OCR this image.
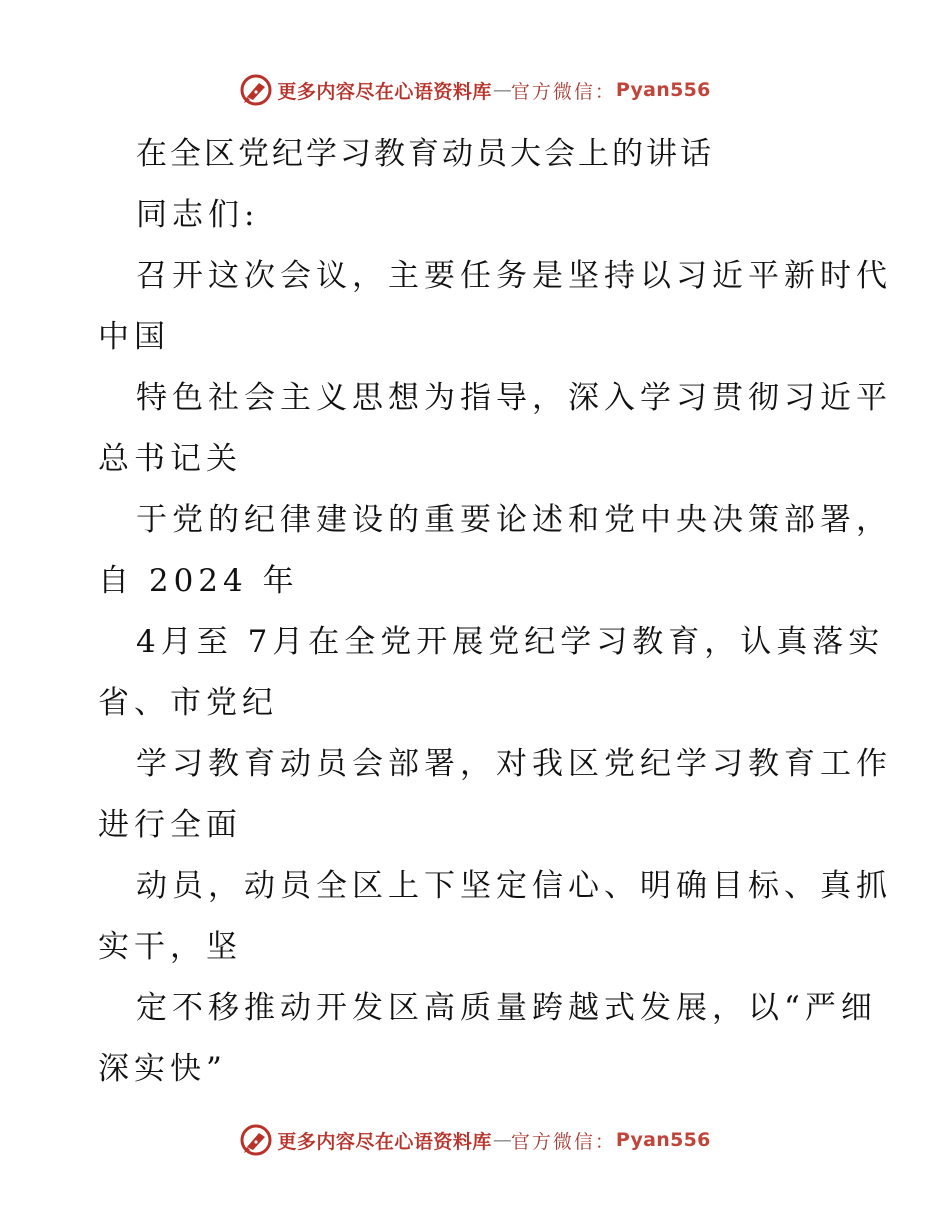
更多内容尽在心语资料库 — 官方微信： Pyan556
在全区党纪学习教育动员大会上的讲话
同志们:
召开这次会议，主要任务是坚持以习近平新时代
中国
特色社会主义思想为指导，深入学习贯彻习近平
总书记关
于党的纪律建设的重要论述和党中央决策部署，
自 2024 年
4月至 7月在全党开展党纪学习教育，认真落实
省、市党纪
学习教育动员会部署，对我区党纪学习教育工作
进行全面
动员，动员全区上下坚定信心、明确目标、真抓
实干，坚
定不移推动开发区高质量跨越式发展，以“严细
深实快”
更多内容尽在心语资料库 — 官方微信： Pyan556
